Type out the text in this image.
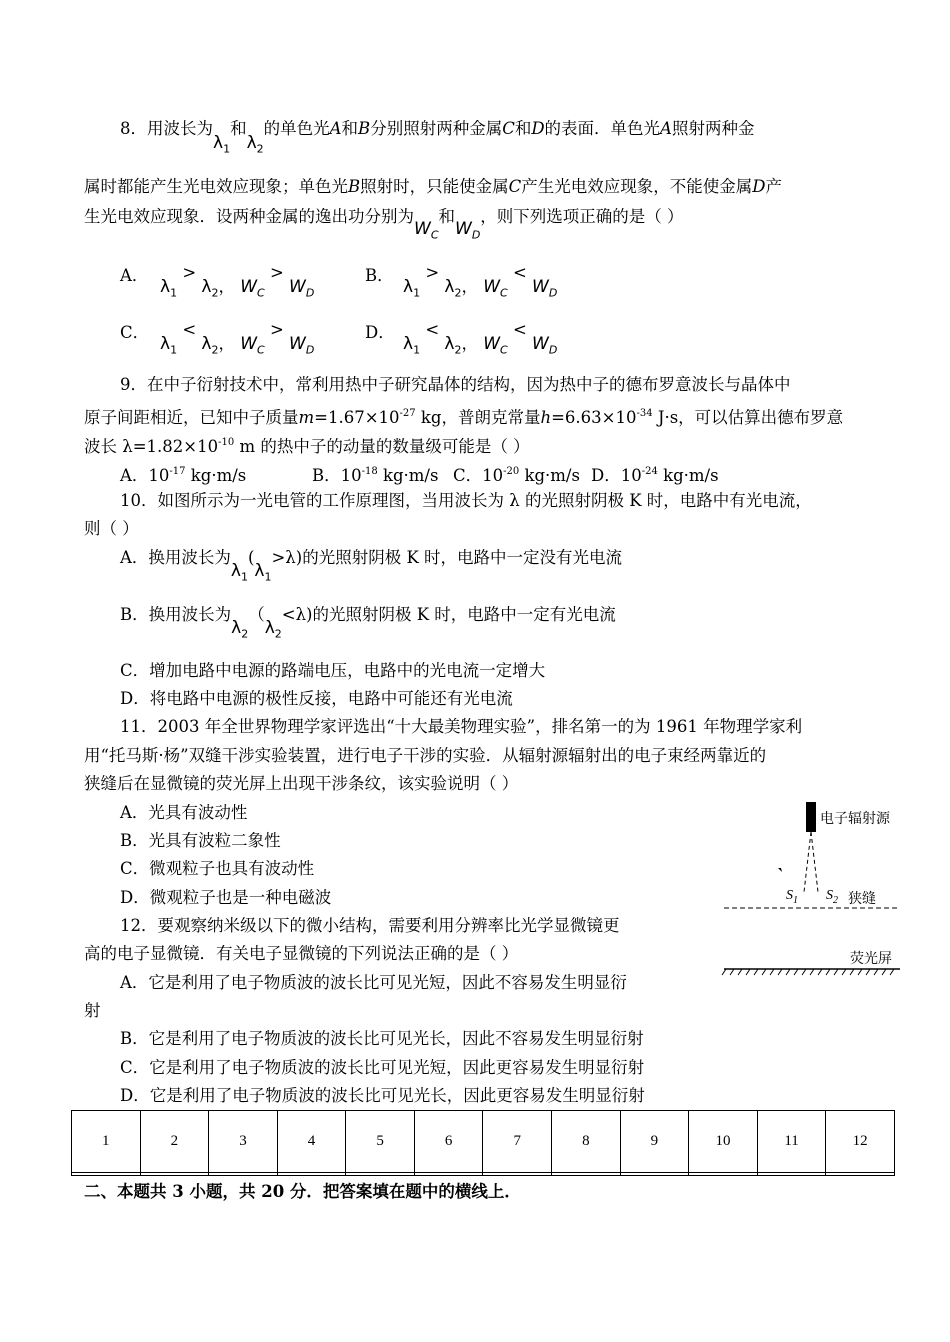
8．用波长为$\lambda_1$和$\lambda_2$的单色光A和B分别照射两种金属C和D的表面．单色光A照射两种金
属时都能产生光电效应现象；单色光B照射时，只能使金属C产生光电效应现象，不能使金属D产
生光电效应现象．设两种金属的逸出功分别为$W_C$和$W_D$，则下列选项正确的是（ ）
A．
$\lambda_1 > \lambda_2$， $W_C > W_D$
B．
$\lambda_1 > \lambda_2$， $W_C < W_D$
C．
$\lambda_1 < \lambda_2$， $W_C > W_D$
D．
$\lambda_1 < \lambda_2$， $W_C < W_D$
9．在中子衍射技术中，常利用热中子研究晶体的结构，因为热中子的德布罗意波长与晶体中
原子间距相近，已知中子质量$m=1.67\times 10^{-27}$ kg，普朗克常量$h=6.63\times 10^{-34}$ J·s，可以估算出德布罗意
波长 $\lambda=1.82\times 10^{-10}$ m 的热中子的动量的数量级可能是（ ）
A．$10^{-17}$ kg·m/s	B．$10^{-18}$ kg·m/s C．$10^{-20}$ kg·m/s D．$10^{-24}$ kg·m/s
10．如图所示为一光电管的工作原理图，当用波长为 λ 的光照射阴极 K 时，电路中有光电流，
则（ ）
A．换用波长为$\lambda_1(\lambda_1>\lambda)$的光照射阴极 K 时，电路中一定没有光电流
B．换用波长为$\lambda_2(\lambda_2<\lambda)$的光照射阴极 K 时，电路中一定有光电流
C．增加电路中电源的路端电压，电路中的光电流一定增大
D．将电路中电源的极性反接，电路中可能还有光电流
11．2003 年全世界物理学家评选出“十大最美物理实验”，排名第一的为 1961 年物理学家利
用“托马斯·杨”双缝干涉实验装置，进行电子干涉的实验．从辐射源辐射出的电子束经两靠近的
狭缝后在显微镜的荧光屏上出现干涉条纹，该实验说明（ ）
A．光具有波动性
B．光具有波粒二象性
C．微观粒子也具有波动性
D．微观粒子也是一种电磁波
12．要观察纳米级以下的微小结构，需要利用分辨率比光学显微镜更
高的电子显微镜．有关电子显微镜的下列说法正确的是（ ）
A．它是利用了电子物质波的波长比可见光短，因此不容易发生明显衍
射
B．它是利用了电子物质波的波长比可见光长，因此不容易发生明显衍射
C．它是利用了电子物质波的波长比可见光短，因此更容易发生明显衍射
D．它是利用了电子物质波的波长比可见光长，因此更容易发生明显衍射
电子辐射源
$S_1$ $S_2$ 狭缝
荧光屏
1	2	3	4	5	6	7	8	9	10	11	12

二、本题共 3 小题，共 20 分．把答案填在题中的横线上．
